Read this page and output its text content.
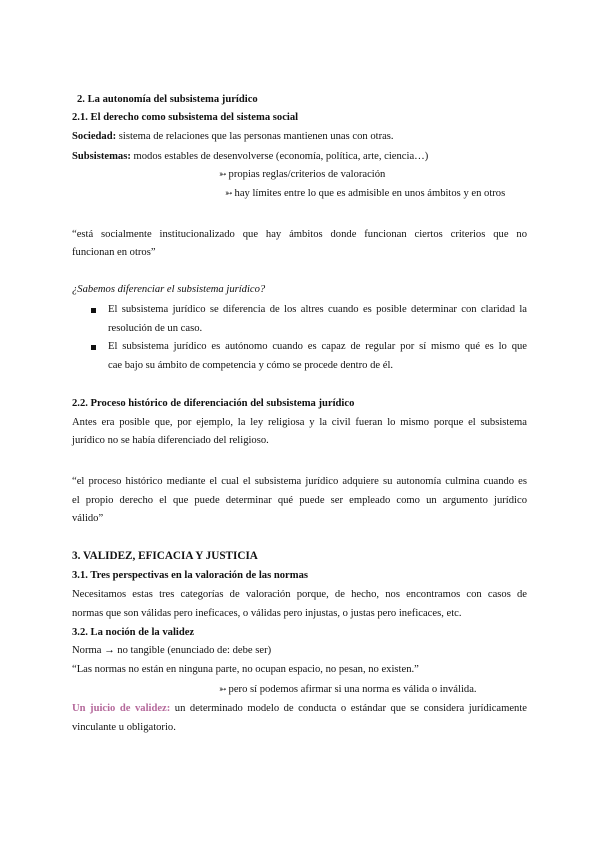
2. La autonomía del subsistema jurídico
2.1. El derecho como subsistema del sistema social
Sociedad: sistema de relaciones que las personas mantienen unas con otras.
Subsistemas: modos estables de desenvolverse (economía, política, arte, ciencia…)
➳ propias reglas/criterios de valoración
➳ hay límites entre lo que es admisible en unos ámbitos y en otros
“está socialmente institucionalizado que hay ámbitos donde funcionan ciertos criterios que no
funcionan en otros”
¿Sabemos diferenciar el subsistema jurídico?
El subsistema jurídico se diferencia de los altres cuando es posible determinar con claridad la
resolución de un caso.
El subsistema jurídico es autónomo cuando es capaz de regular por sí mismo qué es lo que
cae bajo su ámbito de competencia y cómo se procede dentro de él.
2.2. Proceso histórico de diferenciación del subsistema jurídico
Antes era posible que, por ejemplo, la ley religiosa y la civil fueran lo mismo porque el subsistema
jurídico no se había diferenciado del religioso.
“el proceso histórico mediante el cual el subsistema jurídico adquiere su autonomía culmina cuando es
el propio derecho el que puede determinar qué puede ser empleado como un argumento jurídico
válido”
3. VALIDEZ, EFICACIA Y JUSTICIA
3.1. Tres perspectivas en la valoración de las normas
Necesitamos estas tres categorías de valoración porque, de hecho, nos encontramos con casos de
normas que son válidas pero ineficaces, o válidas pero injustas, o justas pero ineficaces, etc.
3.2. La noción de la validez
Norma → no tangible (enunciado de: debe ser)
“Las normas no están en ninguna parte, no ocupan espacio, no pesan, no existen.”
➳ pero sí podemos afirmar si una norma es válida o inválida.
Un juicio de validez: un determinado modelo de conducta o estándar que se considera jurídicamente
vinculante u obligatorio.
